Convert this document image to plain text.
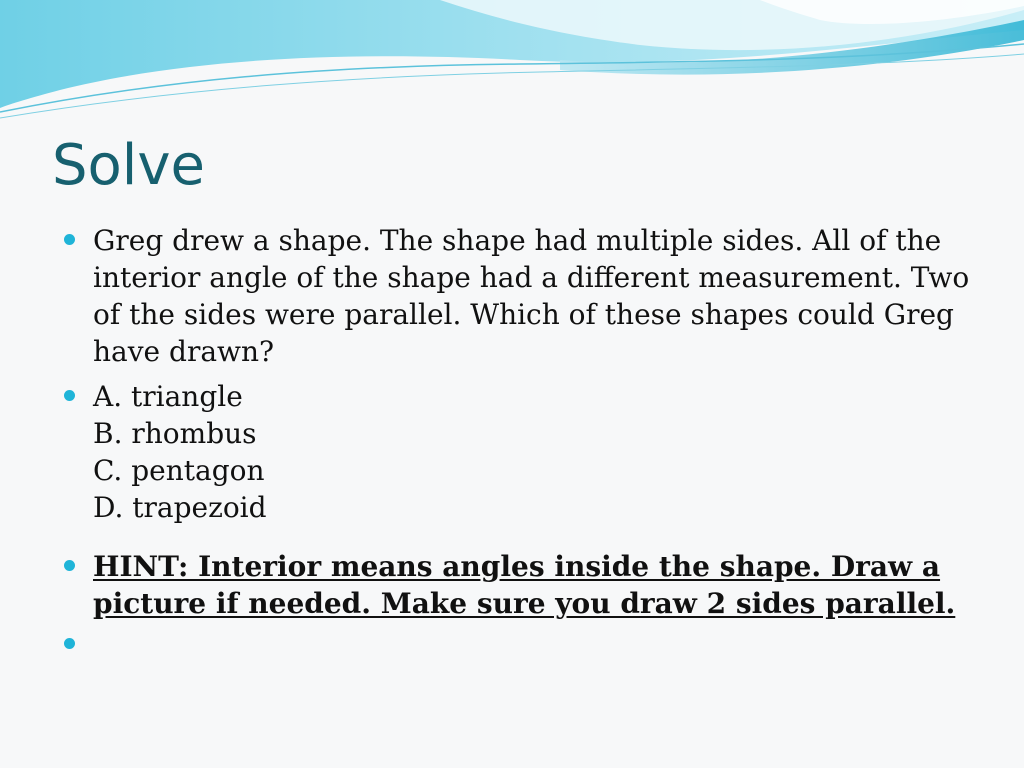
Solve
Greg drew a shape. The shape had multiple sides. All of the interior angle of the shape had a different measurement. Two of the sides were parallel. Which of these shapes could Greg have drawn?
A. triangle
B. rhombus
C. pentagon
D. trapezoid
HINT: Interior means angles inside the shape. Draw a picture if needed. Make sure you draw 2 sides parallel.
